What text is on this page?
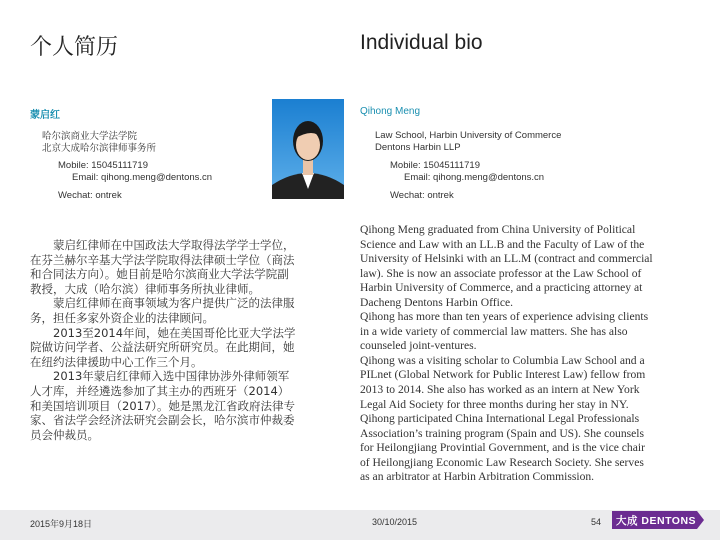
个人简历	Individual bio
蒙启红
哈尔滨商业大学法学院
北京大成哈尔滨律师事务所
Mobile: 15045111719
Email: qihong.meng@dentons.cn
Wechat: ontrek

蒙启红律师在中国政法大学取得法学学士学位，在芬兰赫尔辛基大学法学院取得法律硕士学位（商法和合同法方向）。她目前是哈尔滨商业大学法学院副教授，大成（哈尔滨）律师事务所执业律师。

蒙启红律师在商事领域为客户提供广泛的法律服务，担任多家外资企业的法律顾问。

2013至2014年间，她在美国哥伦比亚大学法学院做访问学者、公益法研究所研究员。在此期间，她在纽约法律援助中心工作三个月。

2013年蒙启红律师入选中国律协涉外律师领军人才库，并经遴选参加了其主办的西班牙（2014）和美国培训项目（2017）。她是黑龙江省政府法律专家、省法学会经济法研究会副会长，哈尔滨市仲裁委员会仲裁员。

Qihong Meng
Law School, Harbin University of Commerce
Dentons Harbin LLP
Mobile: 15045111719
Email: qihong.meng@dentons.cn
Wechat: ontrek

Qihong Meng graduated from China University of Political Science and Law with an LL.B and the Faculty of Law of the University of Helsinki with an LL.M (contract and commercial law). She is now an associate professor at the Law School of Harbin University of Commerce, and a practicing attorney at Dacheng Dentons Harbin Office.

Qihong has more than ten years of experience advising clients in a wide variety of commercial law matters. She has also counseled joint-ventures.

Qihong was a visiting scholar to Columbia Law School and a PILnet (Global Network for Public Interest Law) fellow from 2013 to 2014. She also has worked as an intern at New York Legal Aid Society for three months during her stay in NY.

Qihong participated China International Legal Professionals Association’s training program (Spain and US). She counsels for Heilongjiang Provintial Government, and is the vice chair of Heilongjiang Economic Law Research Society. She serves as an arbitrator at Harbin Arbitration Commission.

2015年9月18日	30/10/2015	54 大成 DENTONS
